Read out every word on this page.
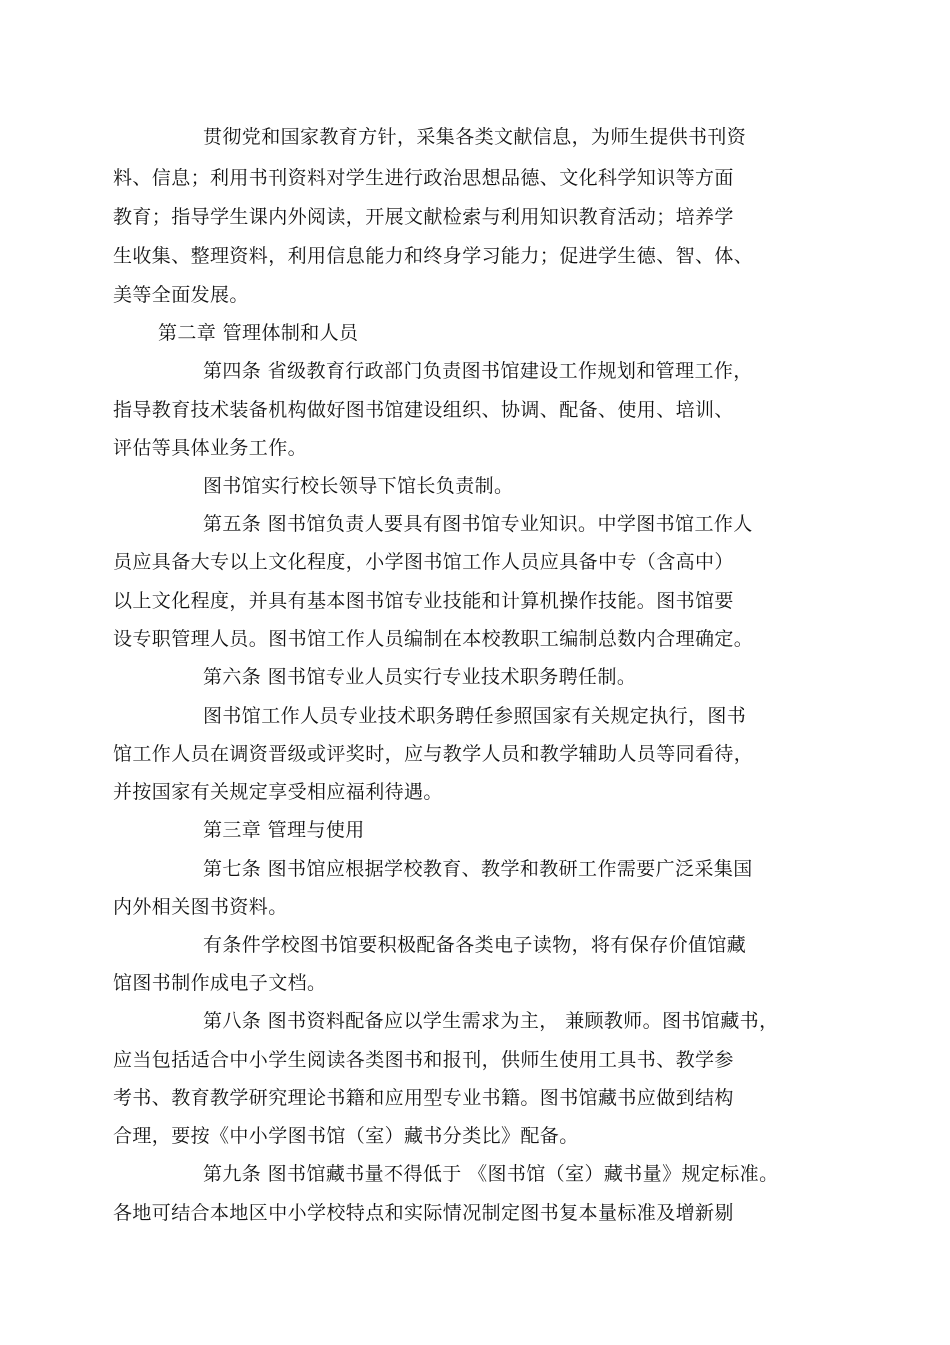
贯彻党和国家教育方针，采集各类文献信息，为师生提供书刊资
料、信息；利用书刊资料对学生进行政治思想品德、文化科学知识等方面
教育；指导学生课内外阅读，开展文献检索与利用知识教育活动；培养学
生收集、整理资料，利用信息能力和终身学习能力；促进学生德、智、体、
美等全面发展。
第二章 管理体制和人员
第四条 省级教育行政部门负责图书馆建设工作规划和管理工作，
指导教育技术装备机构做好图书馆建设组织、协调、配备、使用、培训、
评估等具体业务工作。
图书馆实行校长领导下馆长负责制。
第五条 图书馆负责人要具有图书馆专业知识。中学图书馆工作人
员应具备大专以上文化程度，小学图书馆工作人员应具备中专（含高中）
以上文化程度，并具有基本图书馆专业技能和计算机操作技能。图书馆要
设专职管理人员。图书馆工作人员编制在本校教职工编制总数内合理确定。
第六条 图书馆专业人员实行专业技术职务聘任制。
图书馆工作人员专业技术职务聘任参照国家有关规定执行，图书
馆工作人员在调资晋级或评奖时，应与教学人员和教学辅助人员等同看待，
并按国家有关规定享受相应福利待遇。
第三章 管理与使用
第七条 图书馆应根据学校教育、教学和教研工作需要广泛采集国
内外相关图书资料。
有条件学校图书馆要积极配备各类电子读物，将有保存价值馆藏
馆图书制作成电子文档。
第八条 图书资料配备应以学生需求为主， 兼顾教师。图书馆藏书，
应当包括适合中小学生阅读各类图书和报刊，供师生使用工具书、教学参
考书、教育教学研究理论书籍和应用型专业书籍。图书馆藏书应做到结构
合理，要按《中小学图书馆（室）藏书分类比》配备。
第九条 图书馆藏书量不得低于 《图书馆（室）藏书量》规定标准。
各地可结合本地区中小学校特点和实际情况制定图书复本量标准及增新剔
